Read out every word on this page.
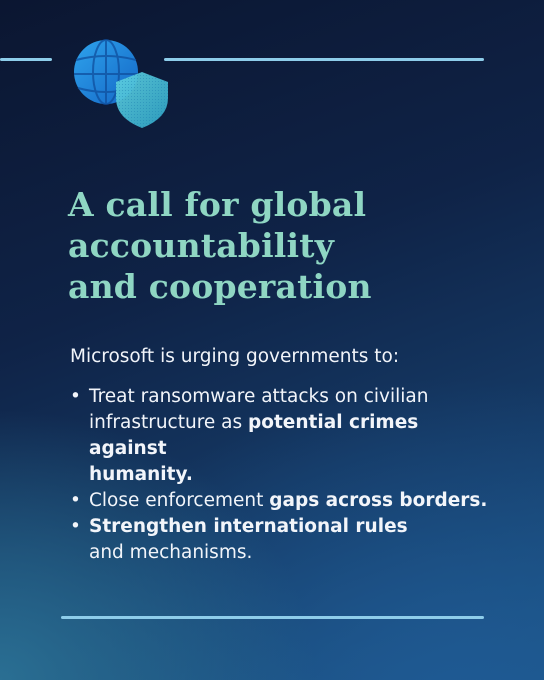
A call for global
accountability
and cooperation

Microsoft is urging governments to:

• Treat ransomware attacks on civilian
infrastructure as potential crimes against
humanity.
• Close enforcement gaps across borders.
• Strengthen international rules
and mechanisms.
